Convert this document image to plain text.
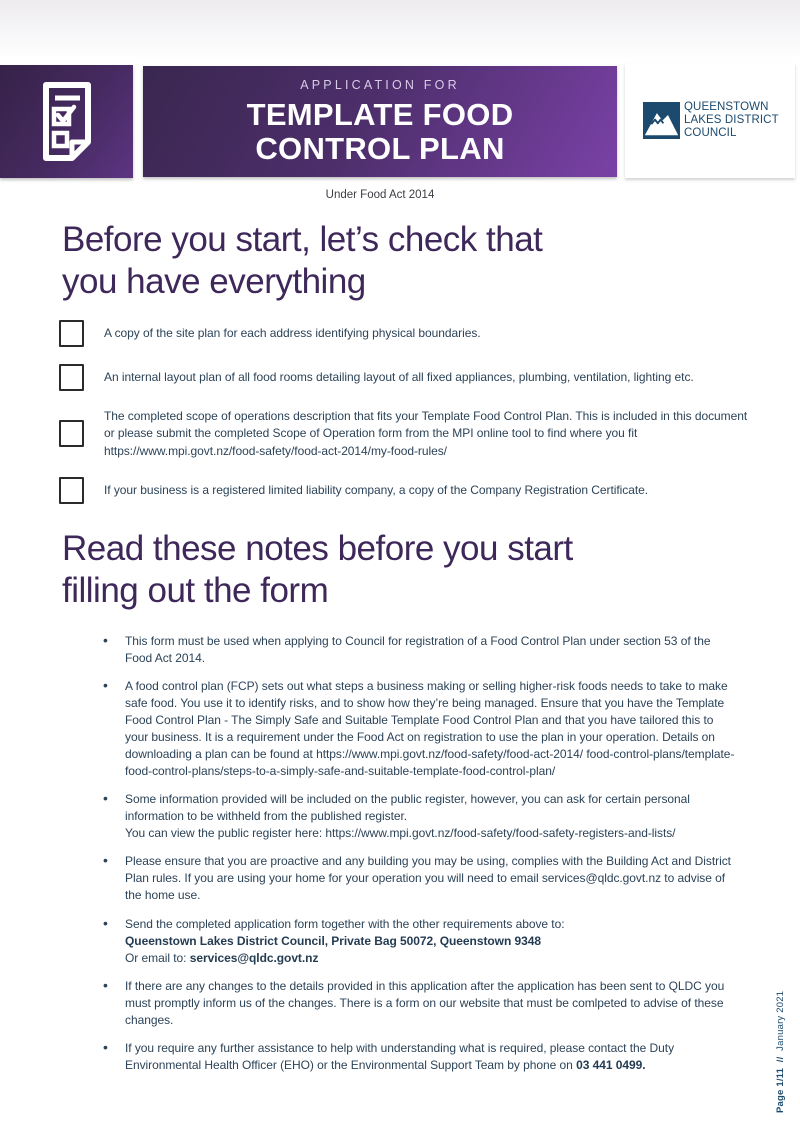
APPLICATION FOR
TEMPLATE FOOD
CONTROL PLAN
QUEENSTOWN
LAKES DISTRICT
COUNCIL
Under Food Act 2014
Before you start, let’s check that
you have everything
A copy of the site plan for each address identifying physical boundaries.
An internal layout plan of all food rooms detailing layout of all fixed appliances, plumbing, ventilation, lighting etc.
The completed scope of operations description that fits your Template Food Control Plan. This is included in this document or please submit the completed Scope of Operation form from the MPI online tool to find where you fit
https://www.mpi.govt.nz/food-safety/food-act-2014/my-food-rules/
If your business is a registered limited liability company, a copy of the Company Registration Certificate.
Read these notes before you start
filling out the form
• This form must be used when applying to Council for registration of a Food Control Plan under section 53 of the Food Act 2014.
• A food control plan (FCP) sets out what steps a business making or selling higher-risk foods needs to take to make safe food. You use it to identify risks, and to show how they’re being managed. Ensure that you have the Template Food Control Plan - The Simply Safe and Suitable Template Food Control Plan and that you have tailored this to your business. It is a requirement under the Food Act on registration to use the plan in your operation. Details on downloading a plan can be found at https://www.mpi.govt.nz/food-safety/food-act-2014/ food-control-plans/template-food-control-plans/steps-to-a-simply-safe-and-suitable-template-food-control-plan/
• Some information provided will be included on the public register, however, you can ask for certain personal information to be withheld from the published register.
You can view the public register here: https://www.mpi.govt.nz/food-safety/food-safety-registers-and-lists/
• Please ensure that you are proactive and any building you may be using, complies with the Building Act and District Plan rules. If you are using your home for your operation you will need to email services@qldc.govt.nz to advise of the home use.
• Send the completed application form together with the other requirements above to:
Queenstown Lakes District Council, Private Bag 50072, Queenstown 9348
Or email to: services@qldc.govt.nz
• If there are any changes to the details provided in this application after the application has been sent to QLDC you must promptly inform us of the changes. There is a form on our website that must be comlpeted to advise of these changes.
• If you require any further assistance to help with understanding what is required, please contact the Duty Environmental Health Officer (EHO) or the Environmental Support Team by phone on 03 441 0499.
Page 1/11  //  January 2021
